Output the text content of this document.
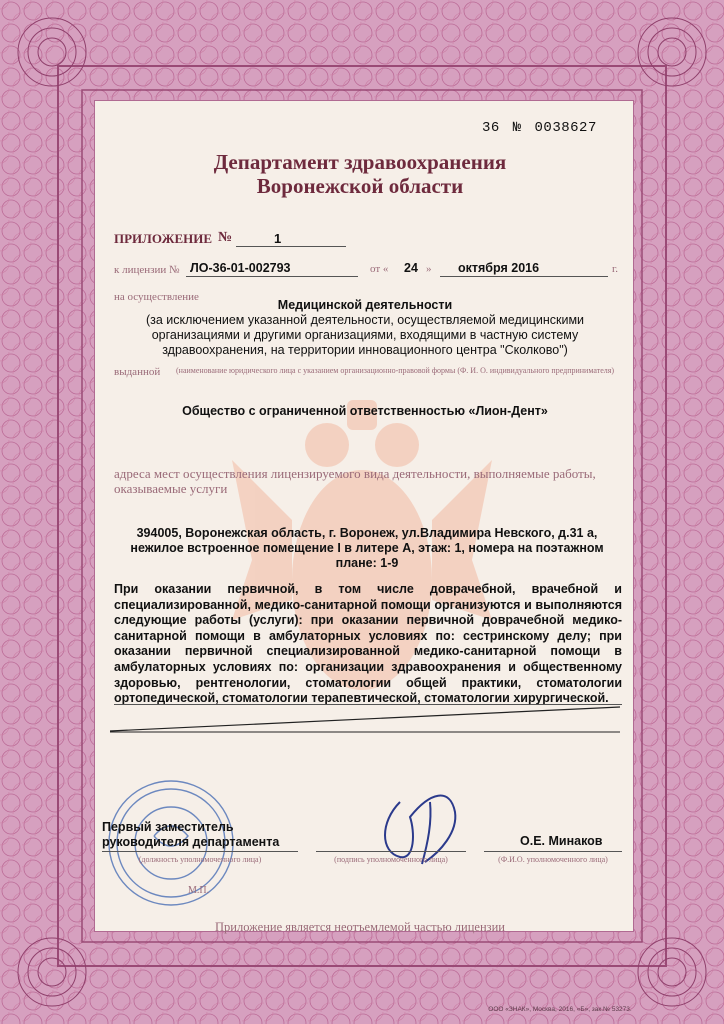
36 № 0038627
Департамент здравоохранения
Воронежской области
ПРИЛОЖЕНИЕ №	1
к лицензии № ЛО-36-01-002793	от « 24 » октября 2016	г.
на осуществление
Медицинской деятельности
(за исключением указанной деятельности, осуществляемой медицинскими организациями и другими организациями, входящими в частную систему здравоохранения, на территории инновационного центра "Сколково")
выданной (наименование юридического лица с указанием организационно-правовой формы (Ф. И. О. индивидуального предпринимателя)
Общество с ограниченной ответственностью «Лион-Дент»
адреса мест осуществления лицензируемого вида деятельности, выполняемые работы, оказываемые услуги
394005, Воронежская область, г. Воронеж, ул.Владимира Невского, д.31 а, нежилое встроенное помещение I в литере А, этаж: 1, номера на поэтажном плане: 1-9
При оказании первичной, в том числе доврачебной, врачебной и специализированной, медико-санитарной помощи организуются и выполняются следующие работы (услуги): при оказании первичной доврачебной медико-санитарной помощи в амбулаторных условиях по: сестринскому делу; при оказании первичной специализированной медико-санитарной помощи в амбулаторных условиях по: организации здравоохранения и общественному здоровью, рентгенологии, стоматологии общей практики, стоматологии ортопедической, стоматологии терапевтической, стоматологии хирургической.
Первый заместитель
руководителя департамента
(должность уполномоченного лица)	(подпись уполномоченного лица)
О.Е. Минаков
(Ф.И.О. уполномоченного лица)
М.П.
Приложение является неотъемлемой частью лицензии
ООО «ЗНАК», Москва, 2016, «Б», зак.№ 53273.
